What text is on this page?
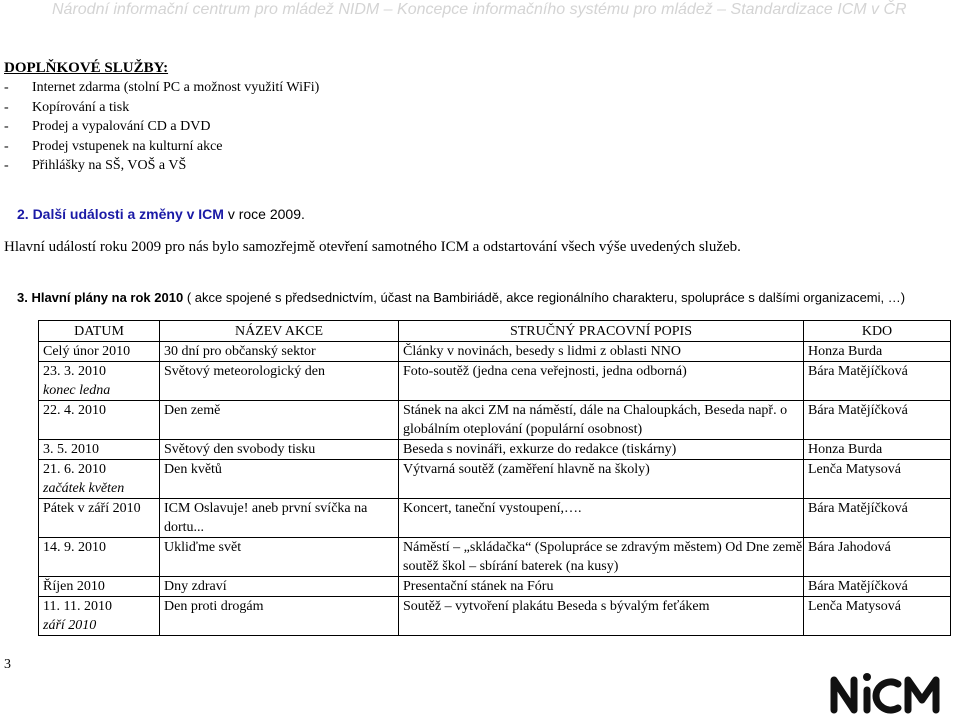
Národní informační centrum pro mládež NIDM – Koncepce informačního systému pro mládež – Standardizace ICM v ČR
DOPLŇKOVÉ SLUŽBY:
- Internet zdarma (stolní PC a možnost využití WiFi)
- Kopírování a tisk
- Prodej a vypalování CD a DVD
- Prodej vstupenek na kulturní akce
- Přihlášky na SŠ, VOŠ a VŠ
2. Další události a změny v ICM v roce 2009.
Hlavní událostí roku 2009 pro nás bylo samozřejmě otevření samotného ICM a odstartování všech výše uvedených služeb.
3. Hlavní plány na rok 2010 ( akce spojené s předsednictvím, účast na Bambiriádě, akce regionálního charakteru, spolupráce s dalšími organizacemi, …)
DATUM	NÁZEV AKCE	STRUČNÝ PRACOVNÍ POPIS	KDO

Celý únor 2010	30 dní pro občanský sektor	Články v novinách, besedy s lidmi z oblasti NNO	Honza Burda

23. 3. 2010
konec ledna	Světový meteorologický den	Foto-soutěž (jedna cena veřejnosti, jedna odborná)	Bára Matějíčková

22. 4. 2010	Den země	Stánek na akci ZM na náměstí, dále na Chaloupkách, Beseda např. o globálním oteplování (populární osobnost)	Bára Matějíčková

3. 5. 2010	Světový den svobody tisku	Beseda s novináři, exkurze do redakce (tiskárny)	Honza Burda

21. 6. 2010
začátek květen	Den květů	Výtvarná soutěž (zaměření hlavně na školy)	Lenča Matysová

Pátek v září 2010	ICM Oslavuje! aneb první svíčka na dortu...	Koncert, taneční vystoupení,….	Bára Matějíčková

14. 9. 2010	Ukliďme svět	Náměstí – „skládačka“ (Spolupráce se zdravým městem) Od Dne země soutěž škol – sbírání baterek (na kusy)	Bára Jahodová

Říjen 2010	Dny zdraví	Presentační stánek na Fóru	Bára Matějíčková

11. 11. 2010
září 2010	Den proti drogám	Soutěž – vytvoření plakátu Beseda s bývalým feťákem	Lenča Matysová
3
